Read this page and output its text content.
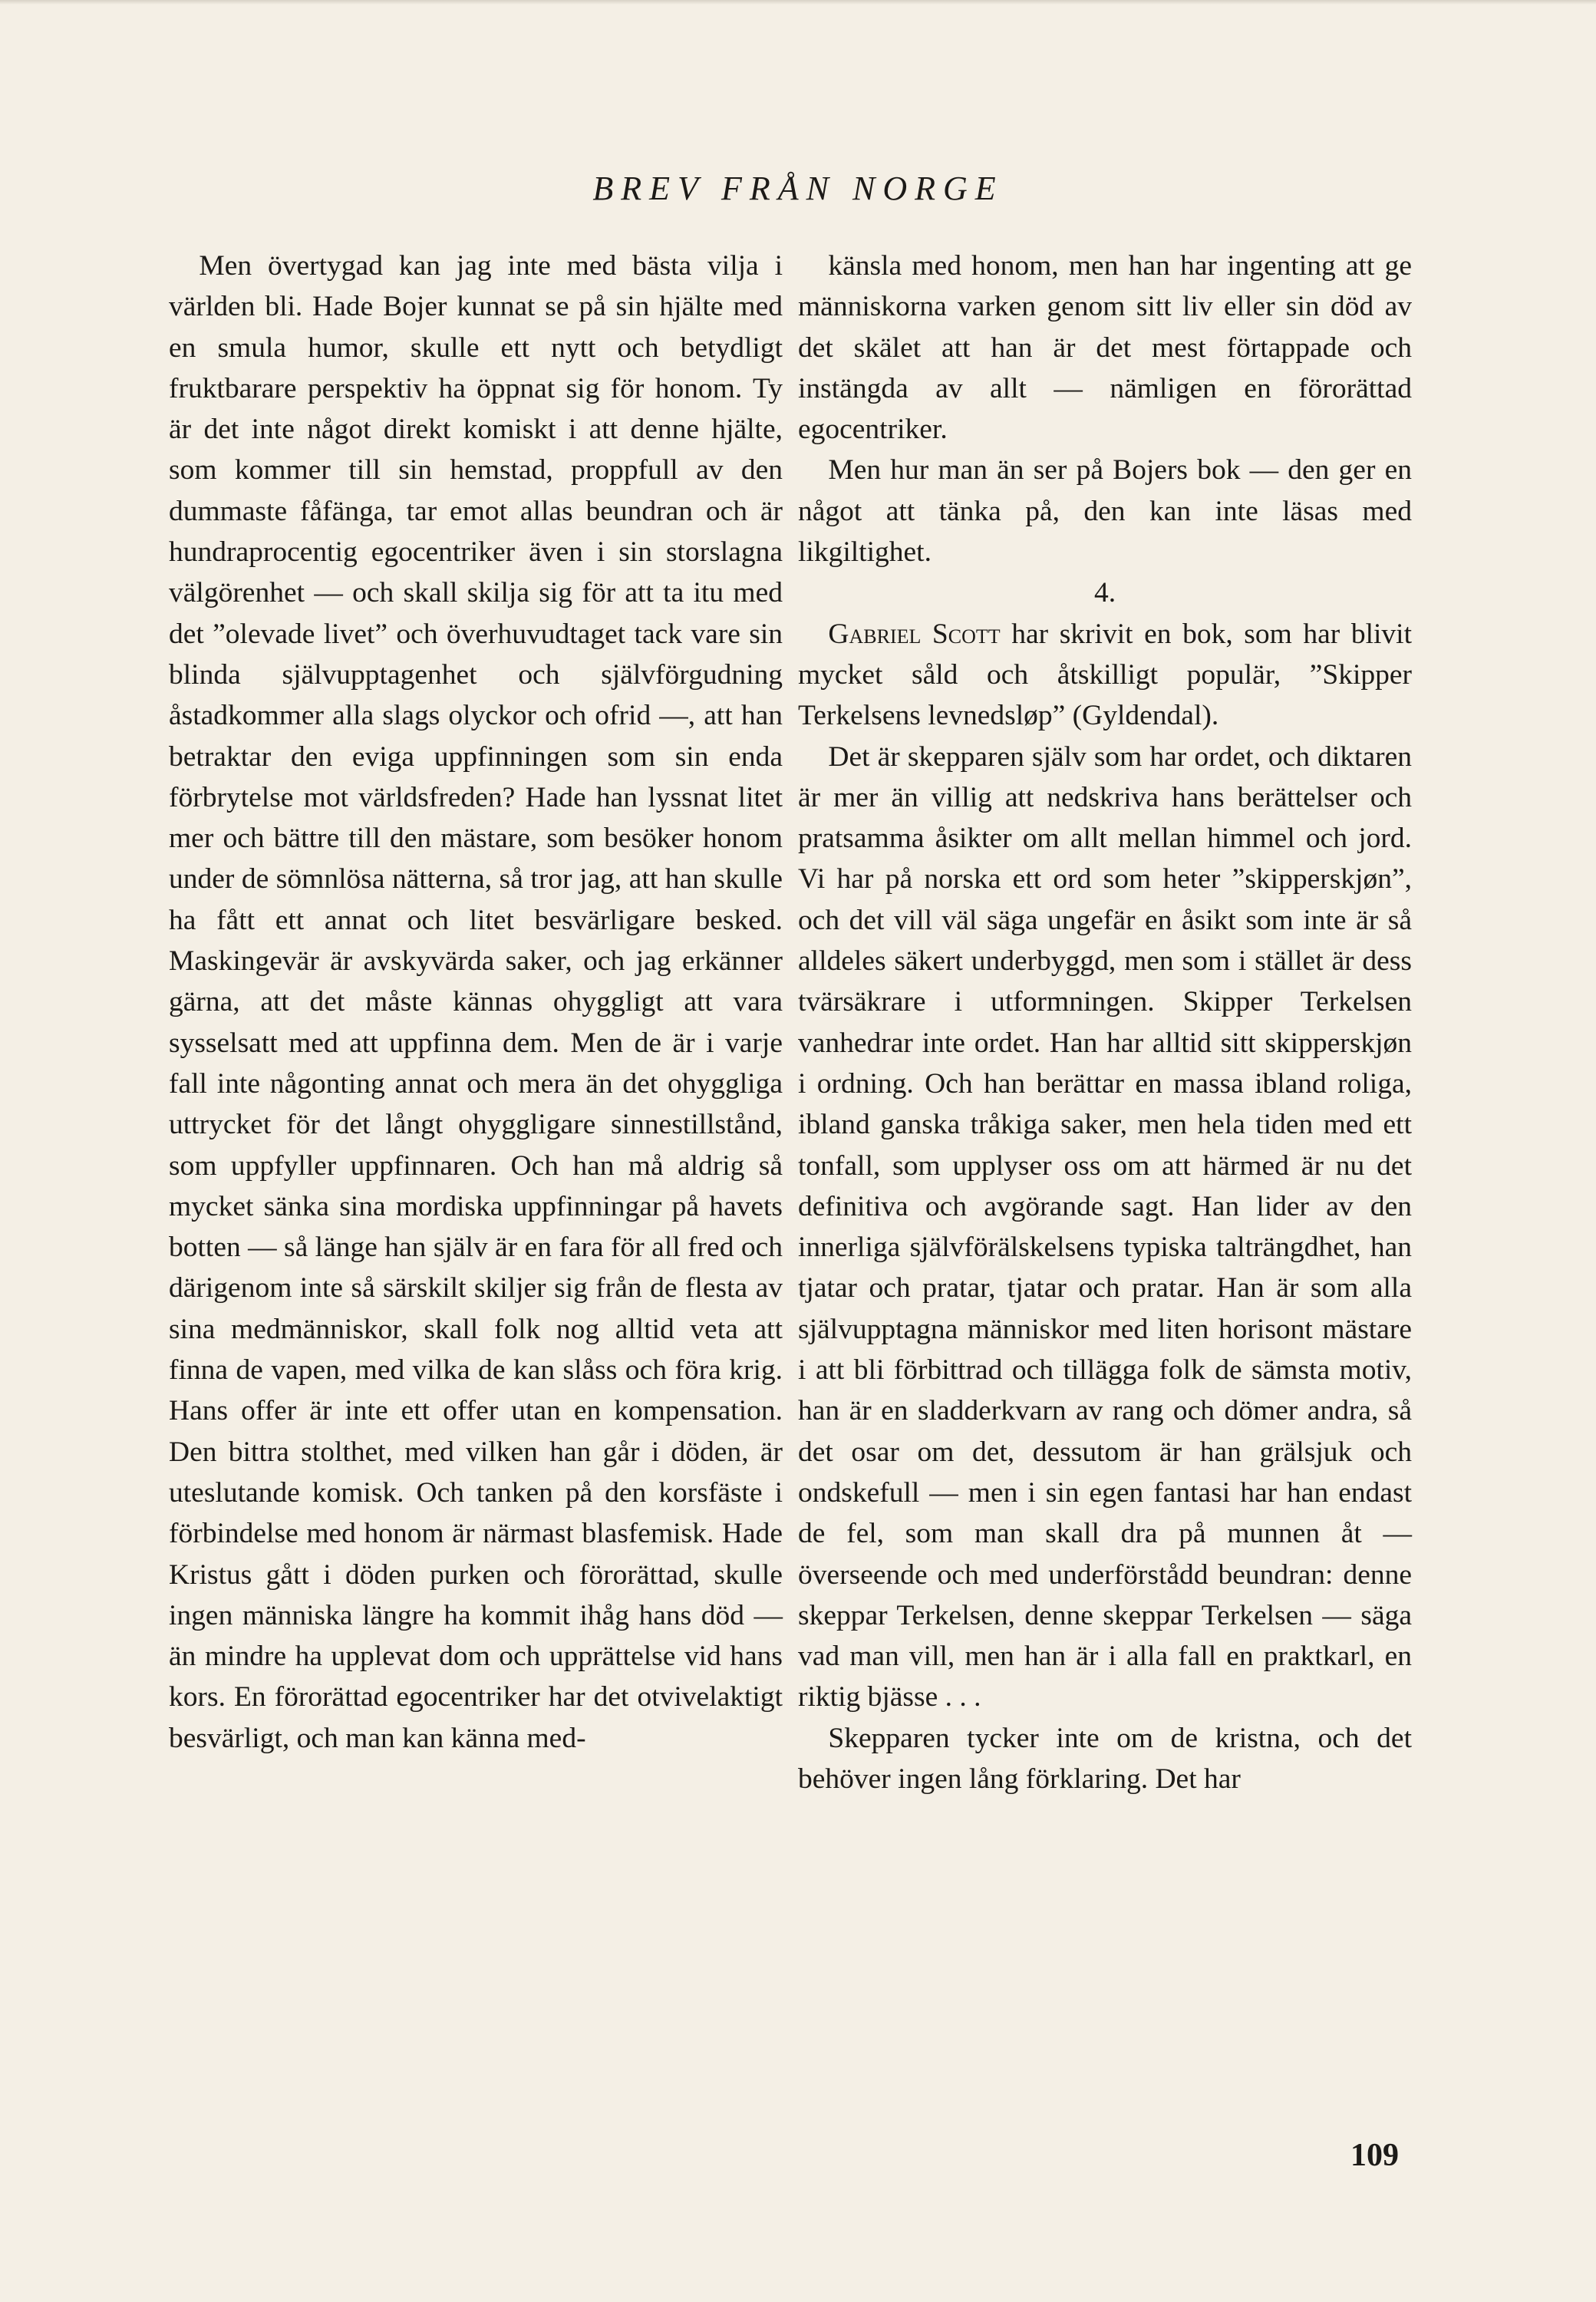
BREV FRÅN NORGE

Men övertygad kan jag inte med bästa vilja i världen bli. Hade Bojer kunnat se på sin hjälte med en smula humor, skulle ett nytt och betydligt fruktbarare perspektiv ha öppnat sig för honom. Ty är det inte något direkt komiskt i att denne hjälte, som kommer till sin hemstad, proppfull av den dummaste fåfänga, tar emot allas beundran och är hundraprocentig egocentriker även i sin storslagna välgörenhet — och skall skilja sig för att ta itu med det ”olevade livet” och överhuvudtaget tack vare sin blinda självupptagenhet och självförgudning åstadkommer alla slags olyckor och ofrid —, att han betraktar den eviga uppfinningen som sin enda förbrytelse mot världsfreden? Hade han lyssnat litet mer och bättre till den mästare, som besöker honom under de sömnlösa nätterna, så tror jag, att han skulle ha fått ett annat och litet besvärligare besked. Maskingevär är avskyvärda saker, och jag erkänner gärna, att det måste kännas ohyggligt att vara sysselsatt med att uppfinna dem. Men de är i varje fall inte någonting annat och mera än det ohyggliga uttrycket för det långt ohyggligare sinnestillstånd, som uppfyller uppfinnaren. Och han må aldrig så mycket sänka sina mordiska uppfinningar på havets botten — så länge han själv är en fara för all fred och därigenom inte så särskilt skiljer sig från de flesta av sina medmänniskor, skall folk nog alltid veta att finna de vapen, med vilka de kan slåss och föra krig. Hans offer är inte ett offer utan en kompensation. Den bittra stolthet, med vilken han går i döden, är uteslutande komisk. Och tanken på den korsfäste i förbindelse med honom är närmast blasfemisk. Hade Kristus gått i döden purken och förorättad, skulle ingen människa längre ha kommit ihåg hans död — än mindre ha upplevat dom och upprättelse vid hans kors. En förorättad egocentriker har det otvivelaktigt besvärligt, och man kan känna med-

känsla med honom, men han har ingenting att ge människorna varken genom sitt liv eller sin död av det skälet att han är det mest förtappade och instängda av allt — nämligen en förorättad egocentriker.

Men hur man än ser på Bojers bok — den ger en något att tänka på, den kan inte läsas med likgiltighet.

4.

Gabriel Scott har skrivit en bok, som har blivit mycket såld och åtskilligt populär, ”Skipper Terkelsens levnedsløp” (Gyldendal).

Det är skepparen själv som har ordet, och diktaren är mer än villig att nedskriva hans berättelser och pratsamma åsikter om allt mellan himmel och jord. Vi har på norska ett ord som heter ”skipperskjøn”, och det vill väl säga ungefär en åsikt som inte är så alldeles säkert underbyggd, men som i stället är dess tvärsäkrare i utformningen. Skipper Terkelsen vanhedrar inte ordet. Han har alltid sitt skipperskjøn i ordning. Och han berättar en massa ibland roliga, ibland ganska tråkiga saker, men hela tiden med ett tonfall, som upplyser oss om att härmed är nu det definitiva och avgörande sagt. Han lider av den innerliga självförälskelsens typiska talträngdhet, han tjatar och pratar, tjatar och pratar. Han är som alla självupptagna människor med liten horisont mästare i att bli förbittrad och tillägga folk de sämsta motiv, han är en sladderkvarn av rang och dömer andra, så det osar om det, dessutom är han grälsjuk och ondskefull — men i sin egen fantasi har han endast de fel, som man skall dra på munnen åt — överseende och med underförstådd beundran: denne skeppar Terkelsen, denne skeppar Terkelsen — säga vad man vill, men han är i alla fall en praktkarl, en riktig bjässe . . .

Skepparen tycker inte om de kristna, och det behöver ingen lång förklaring. Det har

109
